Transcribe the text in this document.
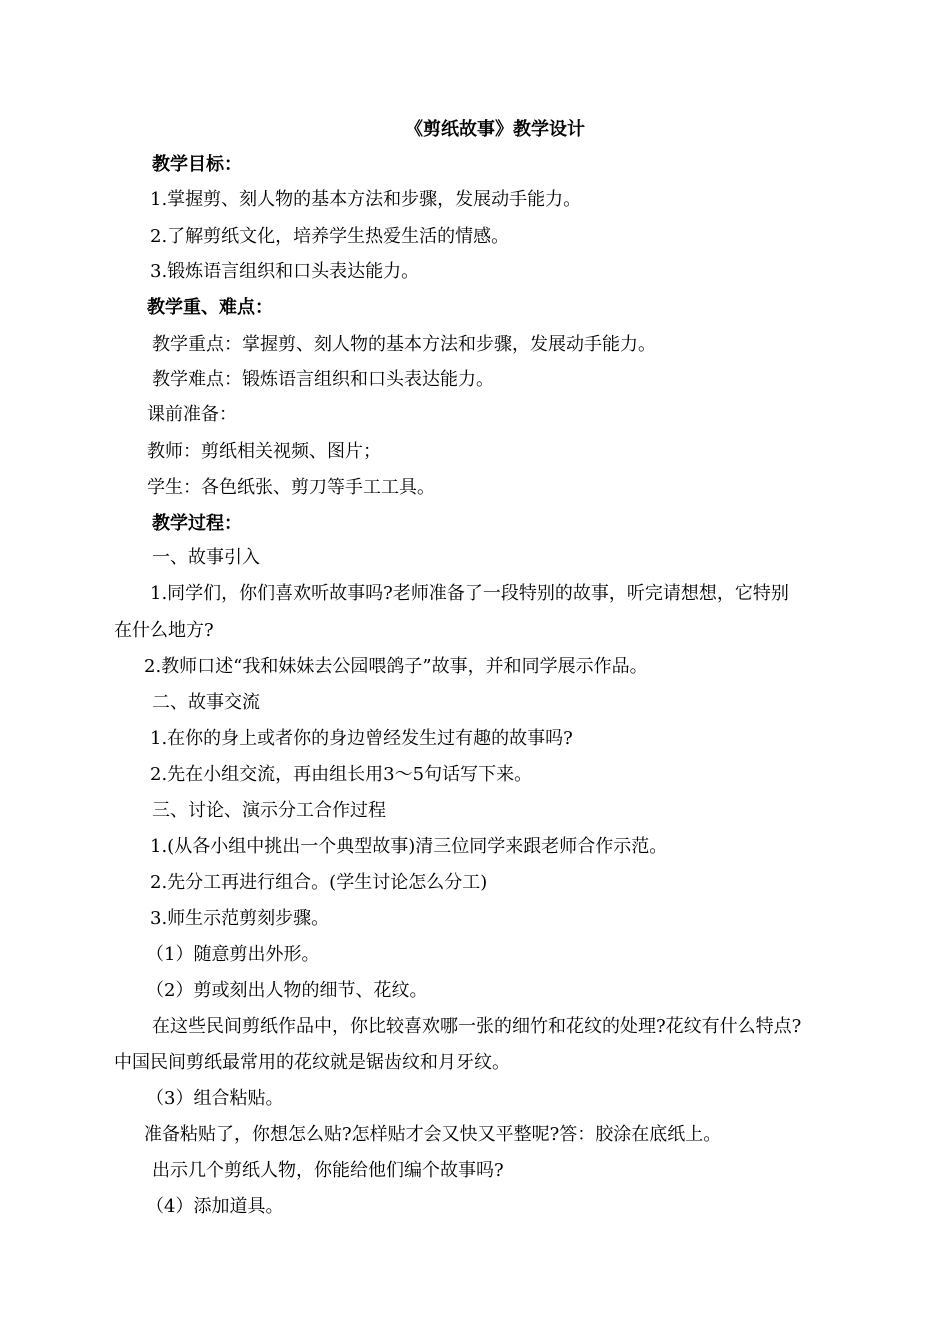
《剪纸故事》教学设计
教学目标：
1.掌握剪、刻人物的基本方法和步骤，发展动手能力。
2.了解剪纸文化，培养学生热爱生活的情感。
3.锻炼语言组织和口头表达能力。
教学重、难点：
教学重点：掌握剪、刻人物的基本方法和步骤，发展动手能力。
教学难点：锻炼语言组织和口头表达能力。
课前准备：
教师：剪纸相关视频、图片；
学生：各色纸张、剪刀等手工工具。
教学过程：
一、故事引入
1.同学们，你们喜欢听故事吗?老师准备了一段特别的故事，听完请想想，它特别
在什么地方?
2.教师口述“我和妹妹去公园喂鸽子”故事，并和同学展示作品。
二、故事交流
1.在你的身上或者你的身边曾经发生过有趣的故事吗?
2.先在小组交流，再由组长用3～5句话写下来。
三、讨论、演示分工合作过程
1.(从各小组中挑出一个典型故事)清三位同学来跟老师合作示范。
2.先分工再进行组合。(学生讨论怎么分工)
3.师生示范剪刻步骤。
（1）随意剪出外形。
（2）剪或刻出人物的细节、花纹。
在这些民间剪纸作品中，你比较喜欢哪一张的细竹和花纹的处理?花纹有什么特点?
中国民间剪纸最常用的花纹就是锯齿纹和月牙纹。
（3）组合粘贴。
准备粘贴了，你想怎么贴?怎样贴才会又快又平整呢?答：胶涂在底纸上。
出示几个剪纸人物，你能给他们编个故事吗?
（4）添加道具。
